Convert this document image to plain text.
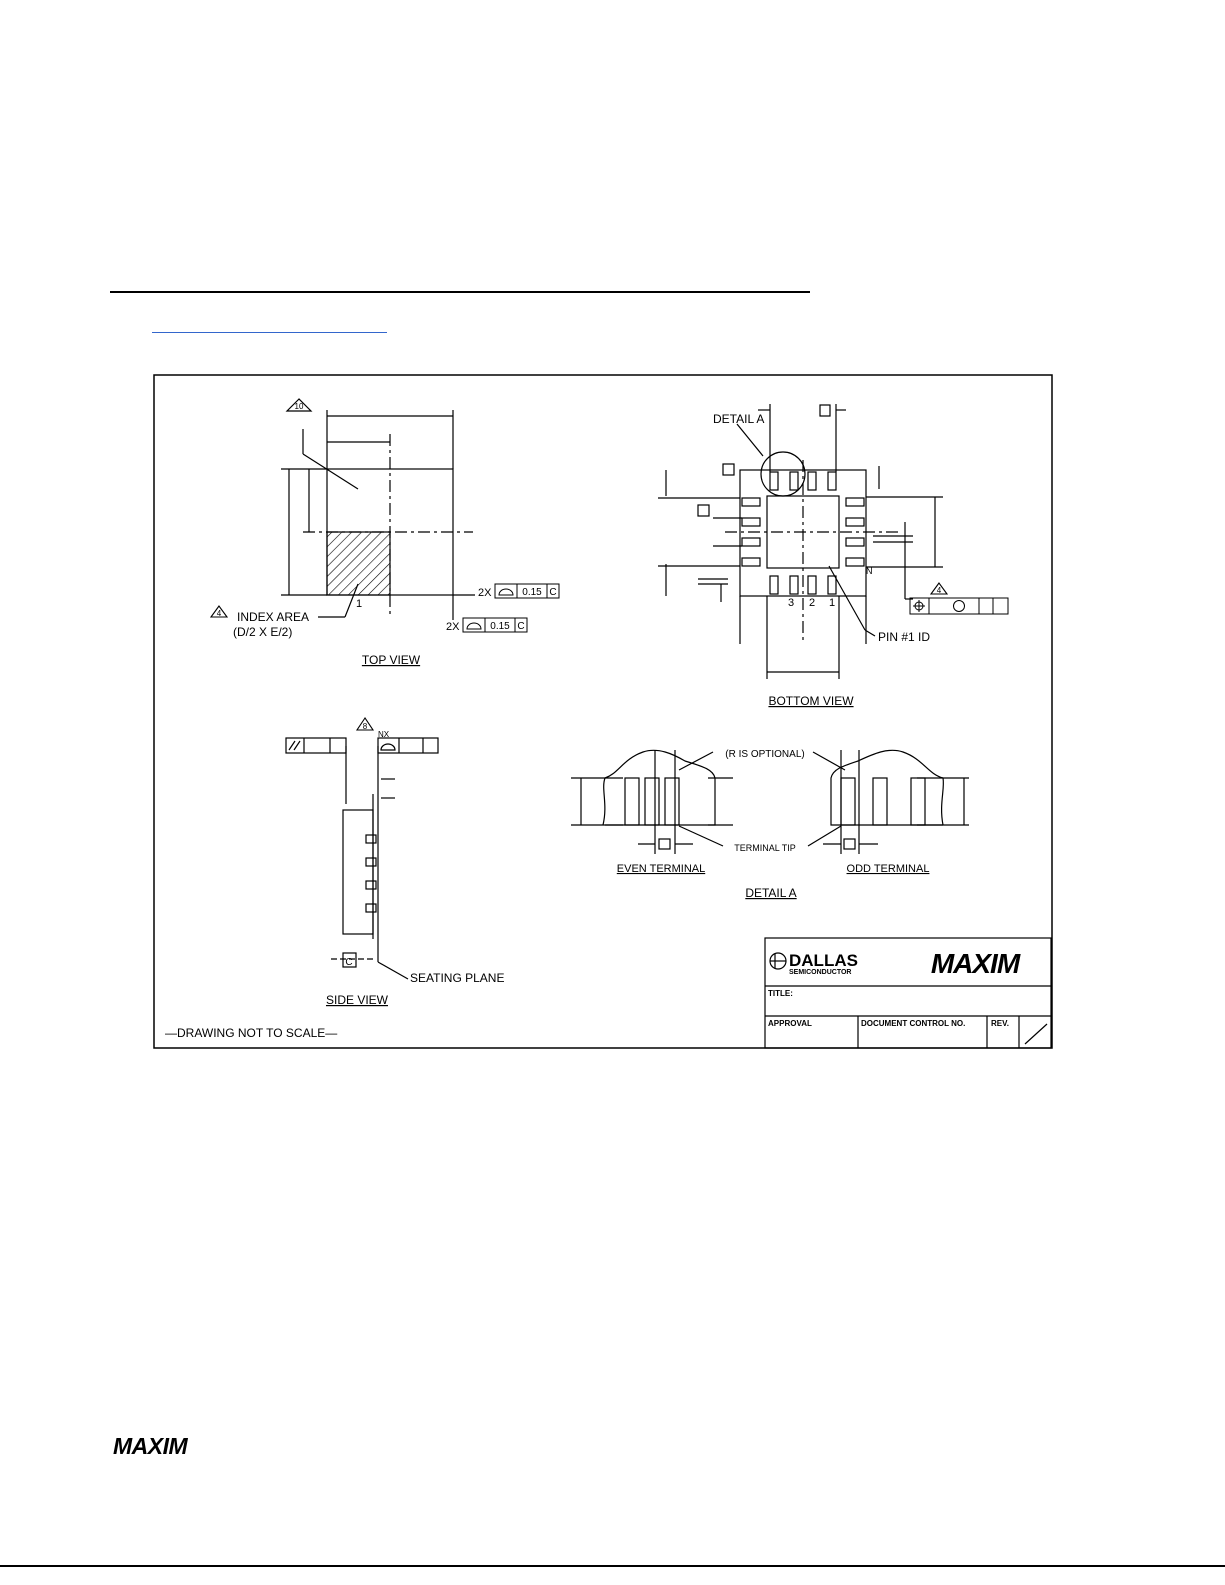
10
4 INDEX AREA
(D/2 X E/2)
1
2X	0.15 C
2X	0.15 C
TOP VIEW
DETAIL A
3 2 1
N
4
PIN #1 ID
BOTTOM VIEW
8
NX
C
SEATING PLANE
SIDE VIEW
(R IS OPTIONAL)
TERMINAL TIP
EVEN TERMINAL	ODD TERMINAL
DETAIL A
DALLAS
SEMICONDUCTOR	MAXIM
TITLE:
APPROVAL	DOCUMENT CONTROL NO.	REV.
—DRAWING NOT TO SCALE—
MAXIM
